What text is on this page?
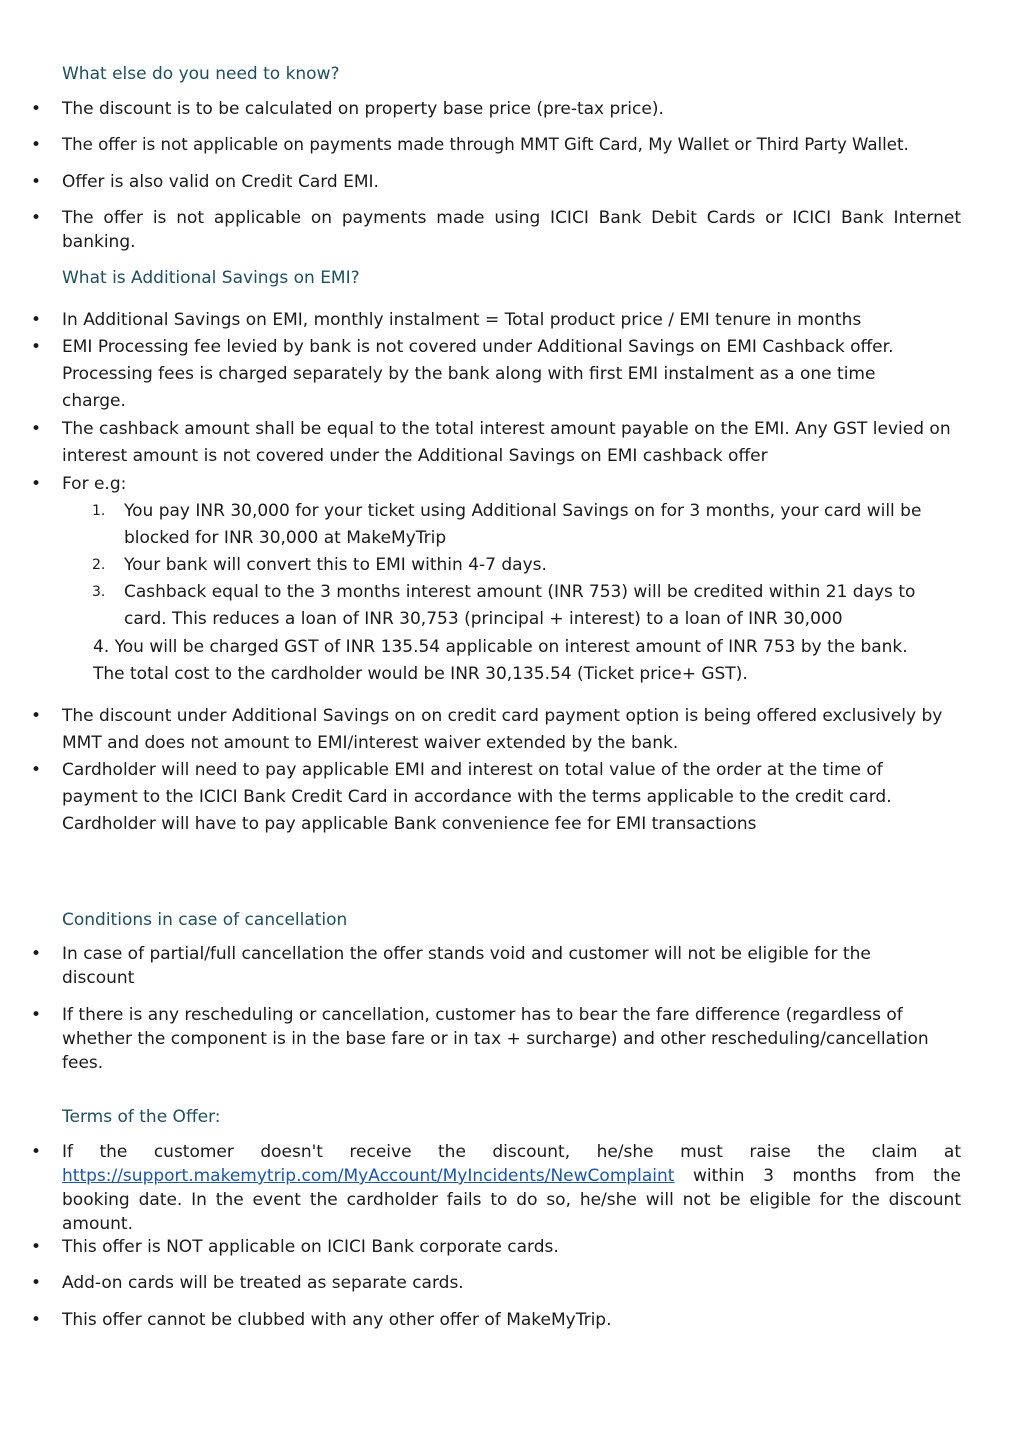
What else do you need to know?
• The discount is to be calculated on property base price (pre-tax price).
• The offer is not applicable on payments made through MMT Gift Card, My Wallet or Third Party Wallet.
• Offer is also valid on Credit Card EMI.
• The offer is not applicable on payments made using ICICI Bank Debit Cards or ICICI Bank Internet banking.
What is Additional Savings on EMI?
• In Additional Savings on EMI, monthly instalment = Total product price / EMI tenure in months
• EMI Processing fee levied by bank is not covered under Additional Savings on EMI Cashback offer. Processing fees is charged separately by the bank along with first EMI instalment as a one time charge.
• The cashback amount shall be equal to the total interest amount payable on the EMI. Any GST levied on interest amount is not covered under the Additional Savings on EMI cashback offer
• For e.g:
1.	You pay INR 30,000 for your ticket using Additional Savings on for 3 months, your card will be blocked for INR 30,000 at MakeMyTrip
2.	Your bank will convert this to EMI within 4-7 days.
3.	Cashback equal to the 3 months interest amount (INR 753) will be credited within 21 days to card. This reduces a loan of INR 30,753 (principal + interest) to a loan of INR 30,000
4. You will be charged GST of INR 135.54 applicable on interest amount of INR 753 by the bank.
The total cost to the cardholder would be INR 30,135.54 (Ticket price+ GST).
• The discount under Additional Savings on on credit card payment option is being offered exclusively by MMT and does not amount to EMI/interest waiver extended by the bank.
• Cardholder will need to pay applicable EMI and interest on total value of the order at the time of payment to the ICICI Bank Credit Card in accordance with the terms applicable to the credit card. Cardholder will have to pay applicable Bank convenience fee for EMI transactions
Conditions in case of cancellation
• In case of partial/full cancellation the offer stands void and customer will not be eligible for the discount
• If there is any rescheduling or cancellation, customer has to bear the fare difference (regardless of whether the component is in the base fare or in tax + surcharge) and other rescheduling/cancellation fees.
Terms of the Offer:
• If the customer doesn't receive the discount, he/she must raise the claim at https://support.makemytrip.com/MyAccount/MyIncidents/NewComplaint within 3 months from the booking date. In the event the cardholder fails to do so, he/she will not be eligible for the discount amount.
• This offer is NOT applicable on ICICI Bank corporate cards.
• Add-on cards will be treated as separate cards.
• This offer cannot be clubbed with any other offer of MakeMyTrip.
